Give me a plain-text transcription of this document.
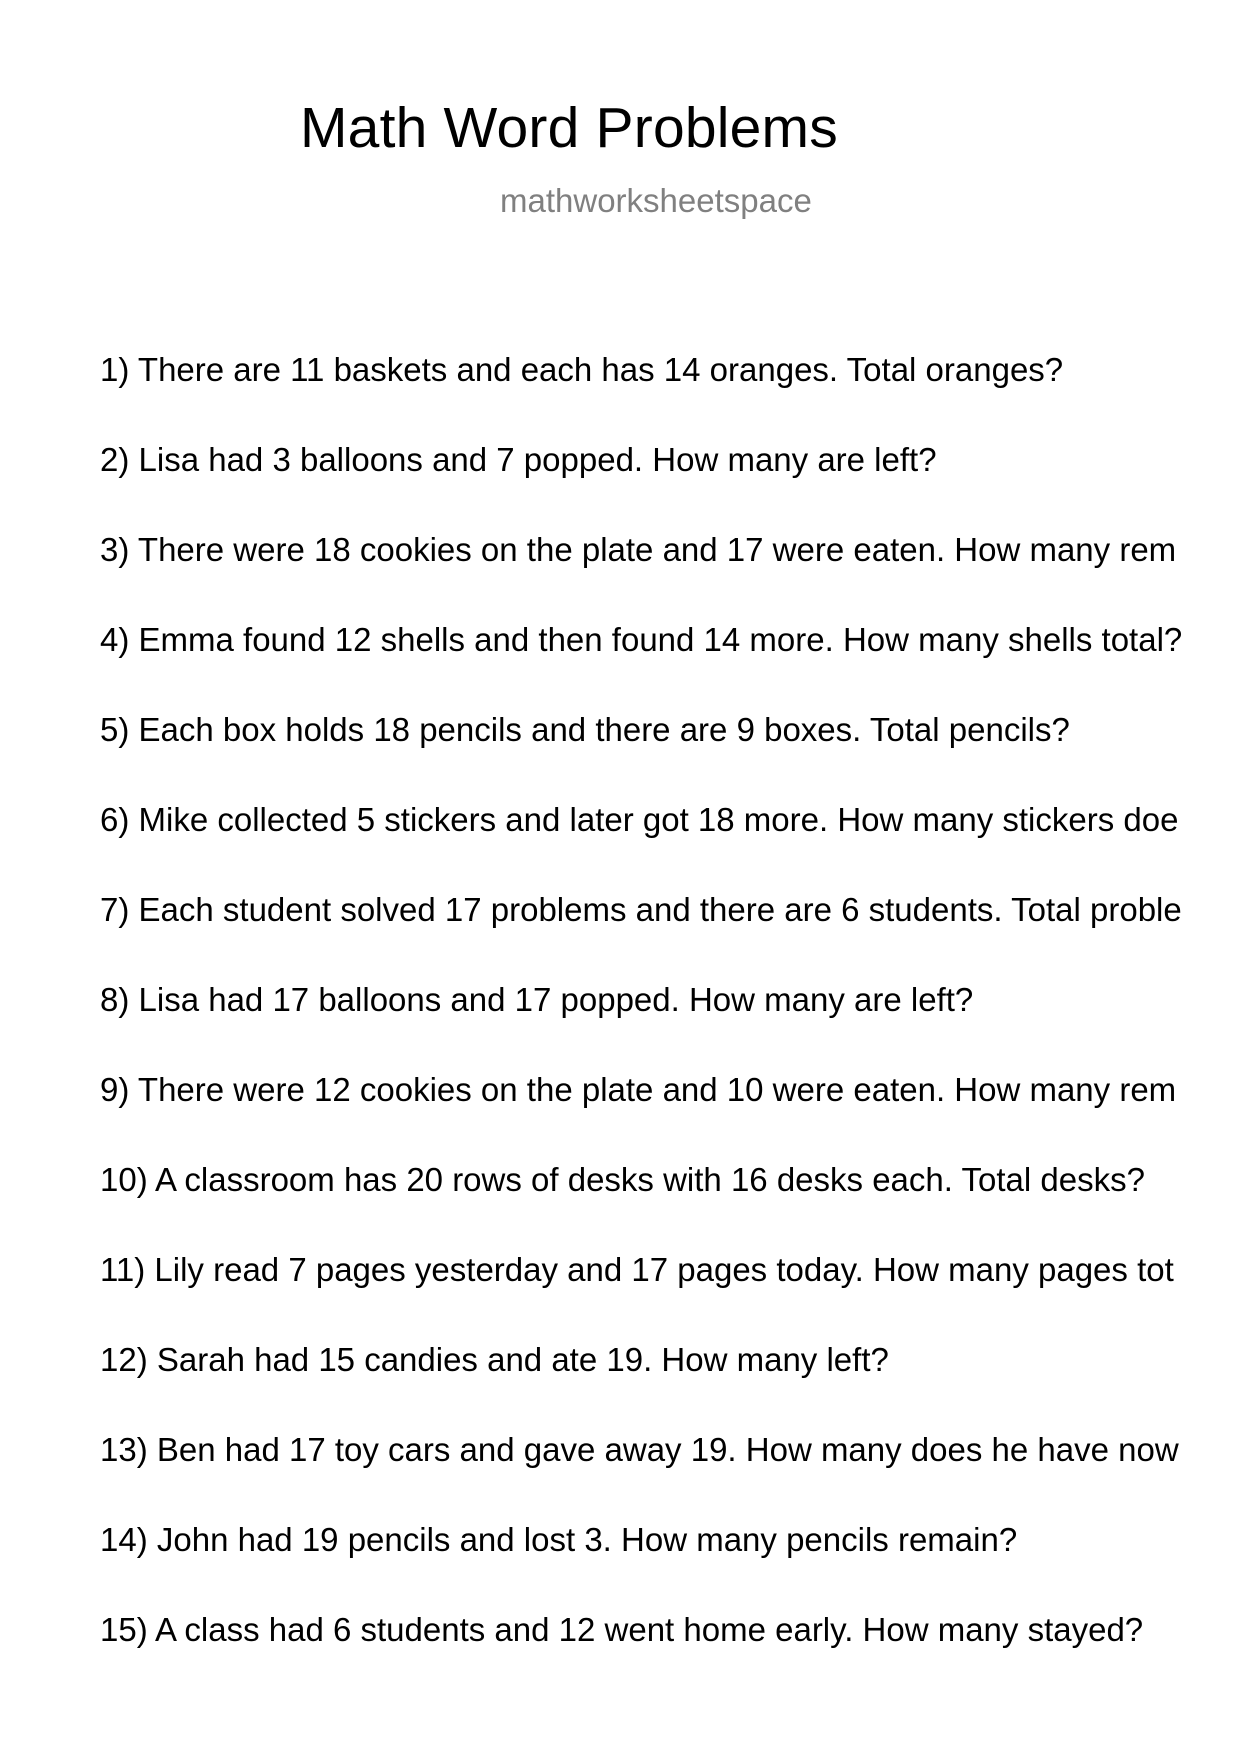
Math Word Problems
mathworksheetspace
1) There are 11 baskets and each has 14 oranges. Total oranges?
2) Lisa had 3 balloons and 7 popped. How many are left?
3) There were 18 cookies on the plate and 17 were eaten. How many rem
4) Emma found 12 shells and then found 14 more. How many shells total?
5) Each box holds 18 pencils and there are 9 boxes. Total pencils?
6) Mike collected 5 stickers and later got 18 more. How many stickers doe
7) Each student solved 17 problems and there are 6 students. Total proble
8) Lisa had 17 balloons and 17 popped. How many are left?
9) There were 12 cookies on the plate and 10 were eaten. How many rem
10) A classroom has 20 rows of desks with 16 desks each. Total desks?
11) Lily read 7 pages yesterday and 17 pages today. How many pages tot
12) Sarah had 15 candies and ate 19. How many left?
13) Ben had 17 toy cars and gave away 19. How many does he have now
14) John had 19 pencils and lost 3. How many pencils remain?
15) A class had 6 students and 12 went home early. How many stayed?
